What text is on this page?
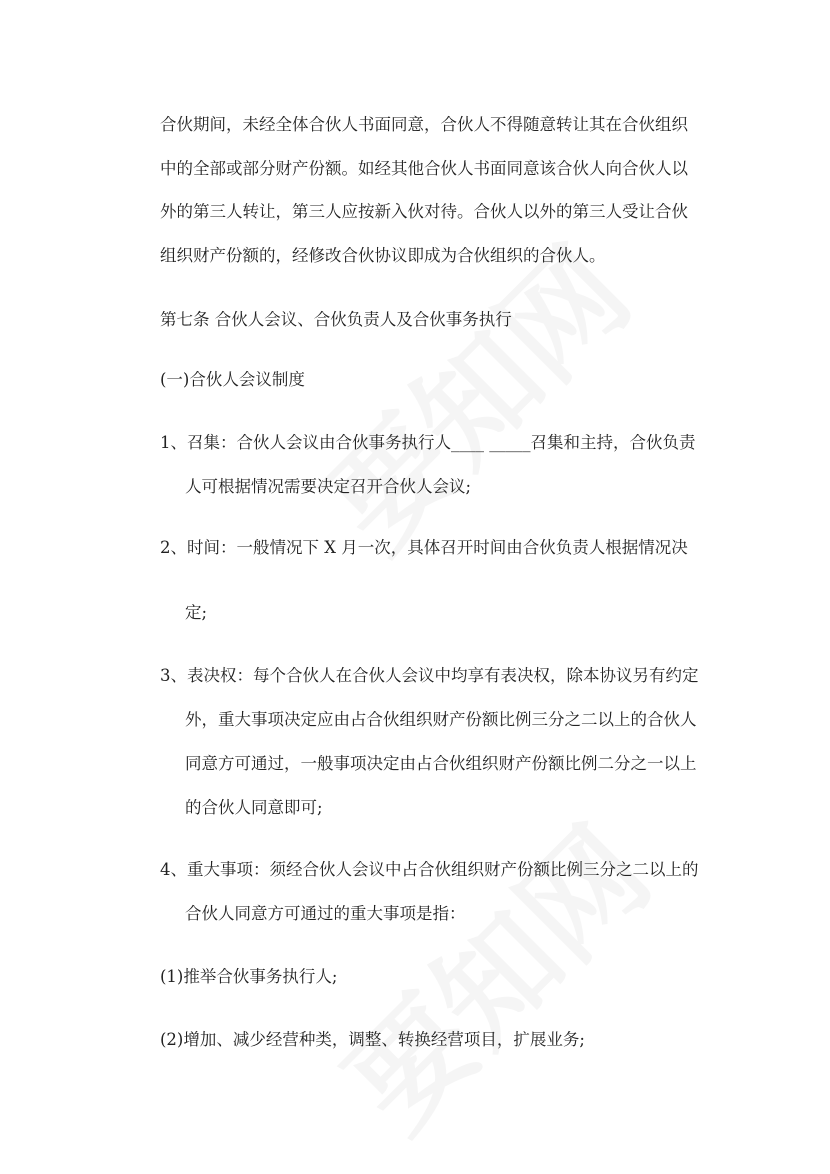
合伙期间，未经全体合伙人书面同意，合伙人不得随意转让其在合伙组织
中的全部或部分财产份额。如经其他合伙人书面同意该合伙人向合伙人以
外的第三人转让，第三人应按新入伙对待。合伙人以外的第三人受让合伙
组织财产份额的，经修改合伙协议即成为合伙组织的合伙人。
第七条 合伙人会议、合伙负责人及合伙事务执行
(一)合伙人会议制度
1、召集：合伙人会议由合伙事务执行人____ _____召集和主持，合伙负责
人可根据情况需要决定召开合伙人会议;
2、时间：一般情况下 X 月一次，具体召开时间由合伙负责人根据情况决
定;
3、表决权：每个合伙人在合伙人会议中均享有表决权，除本协议另有约定
外，重大事项决定应由占合伙组织财产份额比例三分之二以上的合伙人
同意方可通过，一般事项决定由占合伙组织财产份额比例二分之一以上
的合伙人同意即可;
4、重大事项：须经合伙人会议中占合伙组织财产份额比例三分之二以上的
合伙人同意方可通过的重大事项是指：
(1)推举合伙事务执行人;
(2)增加、减少经营种类，调整、转换经营项目，扩展业务;
